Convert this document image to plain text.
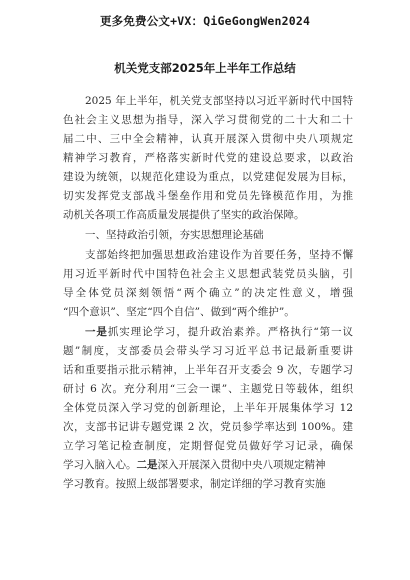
更多免费公文+VX：QiGeGongWen2024
机关党支部2025年上半年工作总结
2025 年上半年，机关党支部坚持以习近平新时代中国特
色社会主义思想为指导，深入学习贯彻党的二十大和二十
届二中、三中全会精神，认真开展深入贯彻中央八项规定
精神学习教育，严格落实新时代党的建设总要求，以政治
建设为统领，以规范化建设为重点，以党建促发展为目标，
切实发挥党支部战斗堡垒作用和党员先锋模范作用，为推
动机关各项工作高质量发展提供了坚实的政治保障。
一、坚持政治引领，夯实思想理论基础
支部始终把加强思想政治建设作为首要任务，坚持不懈
用习近平新时代中国特色社会主义思想武装党员头脑，引
导全体党员深刻领悟“两个确立”的决定性意义，增强
“四个意识”、坚定“四个自信”、做到“两个维护”。
一是抓实理论学习，提升政治素养。严格执行“第一议
题”制度，支部委员会带头学习习近平总书记最新重要讲
话和重要指示批示精神，上半年召开支委会 9 次，专题学习
研讨 6 次。充分利用“三会一课”、主题党日等载体，组织
全体党员深入学习党的创新理论，上半年开展集体学习 12
次，支部书记讲专题党课 2 次，党员参学率达到 100%。建
立学习笔记检查制度，定期督促党员做好学习记录，确保
学习入脑入心。二是深入开展深入贯彻中央八项规定精神
学习教育。按照上级部署要求，制定详细的学习教育实施
